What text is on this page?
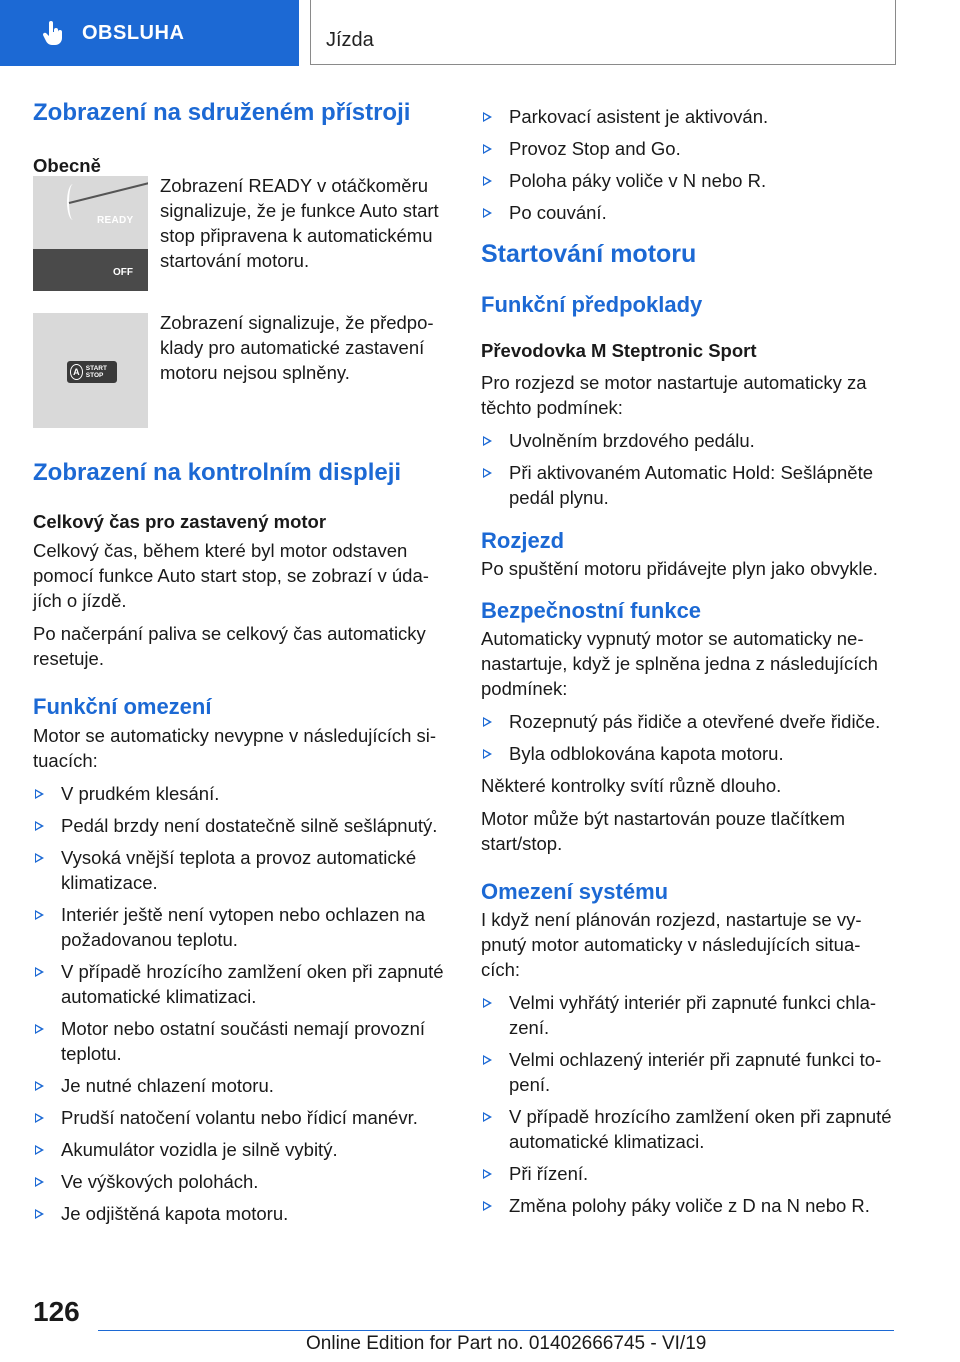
OBSLUHA	Jízda
Zobrazení na sdruženém přístroji
Obecně
READY
OFF

Zobrazení READY v otáčkoměru signalizuje, že je funkce Auto start stop připravena k automatickému startování motoru.

A START STOP

Zobrazení signalizuje, že předpo-klady pro automatické zastavení motoru nejsou splněny.

Zobrazení na kontrolním displeji
Celkový čas pro zastavený motor

Celkový čas, během které byl motor odstaven pomocí funkce Auto start stop, se zobrazí v úda-jích o jízdě.

Po načerpání paliva se celkový čas automaticky resetuje.

Funkční omezení

Motor se automaticky nevypne v následujících si-tuacích:

V prudkém klesání.
Pedál brzdy není dostatečně silně sešlápnutý.
Vysoká vnější teplota a provoz automatické klimatizace.
Interiér ještě není vytopen nebo ochlazen na požadovanou teplotu.
V případě hrozícího zamlžení oken při zapnuté automatické klimatizaci.
Motor nebo ostatní součásti nemají provozní teplotu.
Je nutné chlazení motoru.
Prudší natočení volantu nebo řídicí manévr.
Akumulátor vozidla je silně vybitý.
Ve výškových polohách.
Je odjištěná kapota motoru.
Parkovací asistent je aktivován.
Provoz Stop and Go.
Poloha páky voliče v N nebo R.
Po couvání.
Startování motoru
Funkční předpoklady
Převodovka M Steptronic Sport

Pro rozjezd se motor nastartuje automaticky za těchto podmínek:

Uvolněním brzdového pedálu.
Při aktivovaném Automatic Hold: Sešlápněte pedál plynu.
Rozjezd

Po spuštění motoru přidávejte plyn jako obvykle.

Bezpečnostní funkce

Automaticky vypnutý motor se automaticky ne-nastartuje, když je splněna jedna z následujících podmínek:

Rozepnutý pás řidiče a otevřené dveře řidiče.
Byla odblokována kapota motoru.

Některé kontrolky svítí různě dlouho.

Motor může být nastartován pouze tlačítkem start/stop.

Omezení systému

I když není plánován rozjezd, nastartuje se vy-pnutý motor automaticky v následujících situa-cích:

Velmi vyhřátý interiér při zapnuté funkci chla-zení.
Velmi ochlazený interiér při zapnuté funkci to-pení.
V případě hrozícího zamlžení oken při zapnuté automatické klimatizaci.
Při řízení.
Změna polohy páky voliče z D na N nebo R.
126
Online Edition for Part no. 01402666745 - VI/19
